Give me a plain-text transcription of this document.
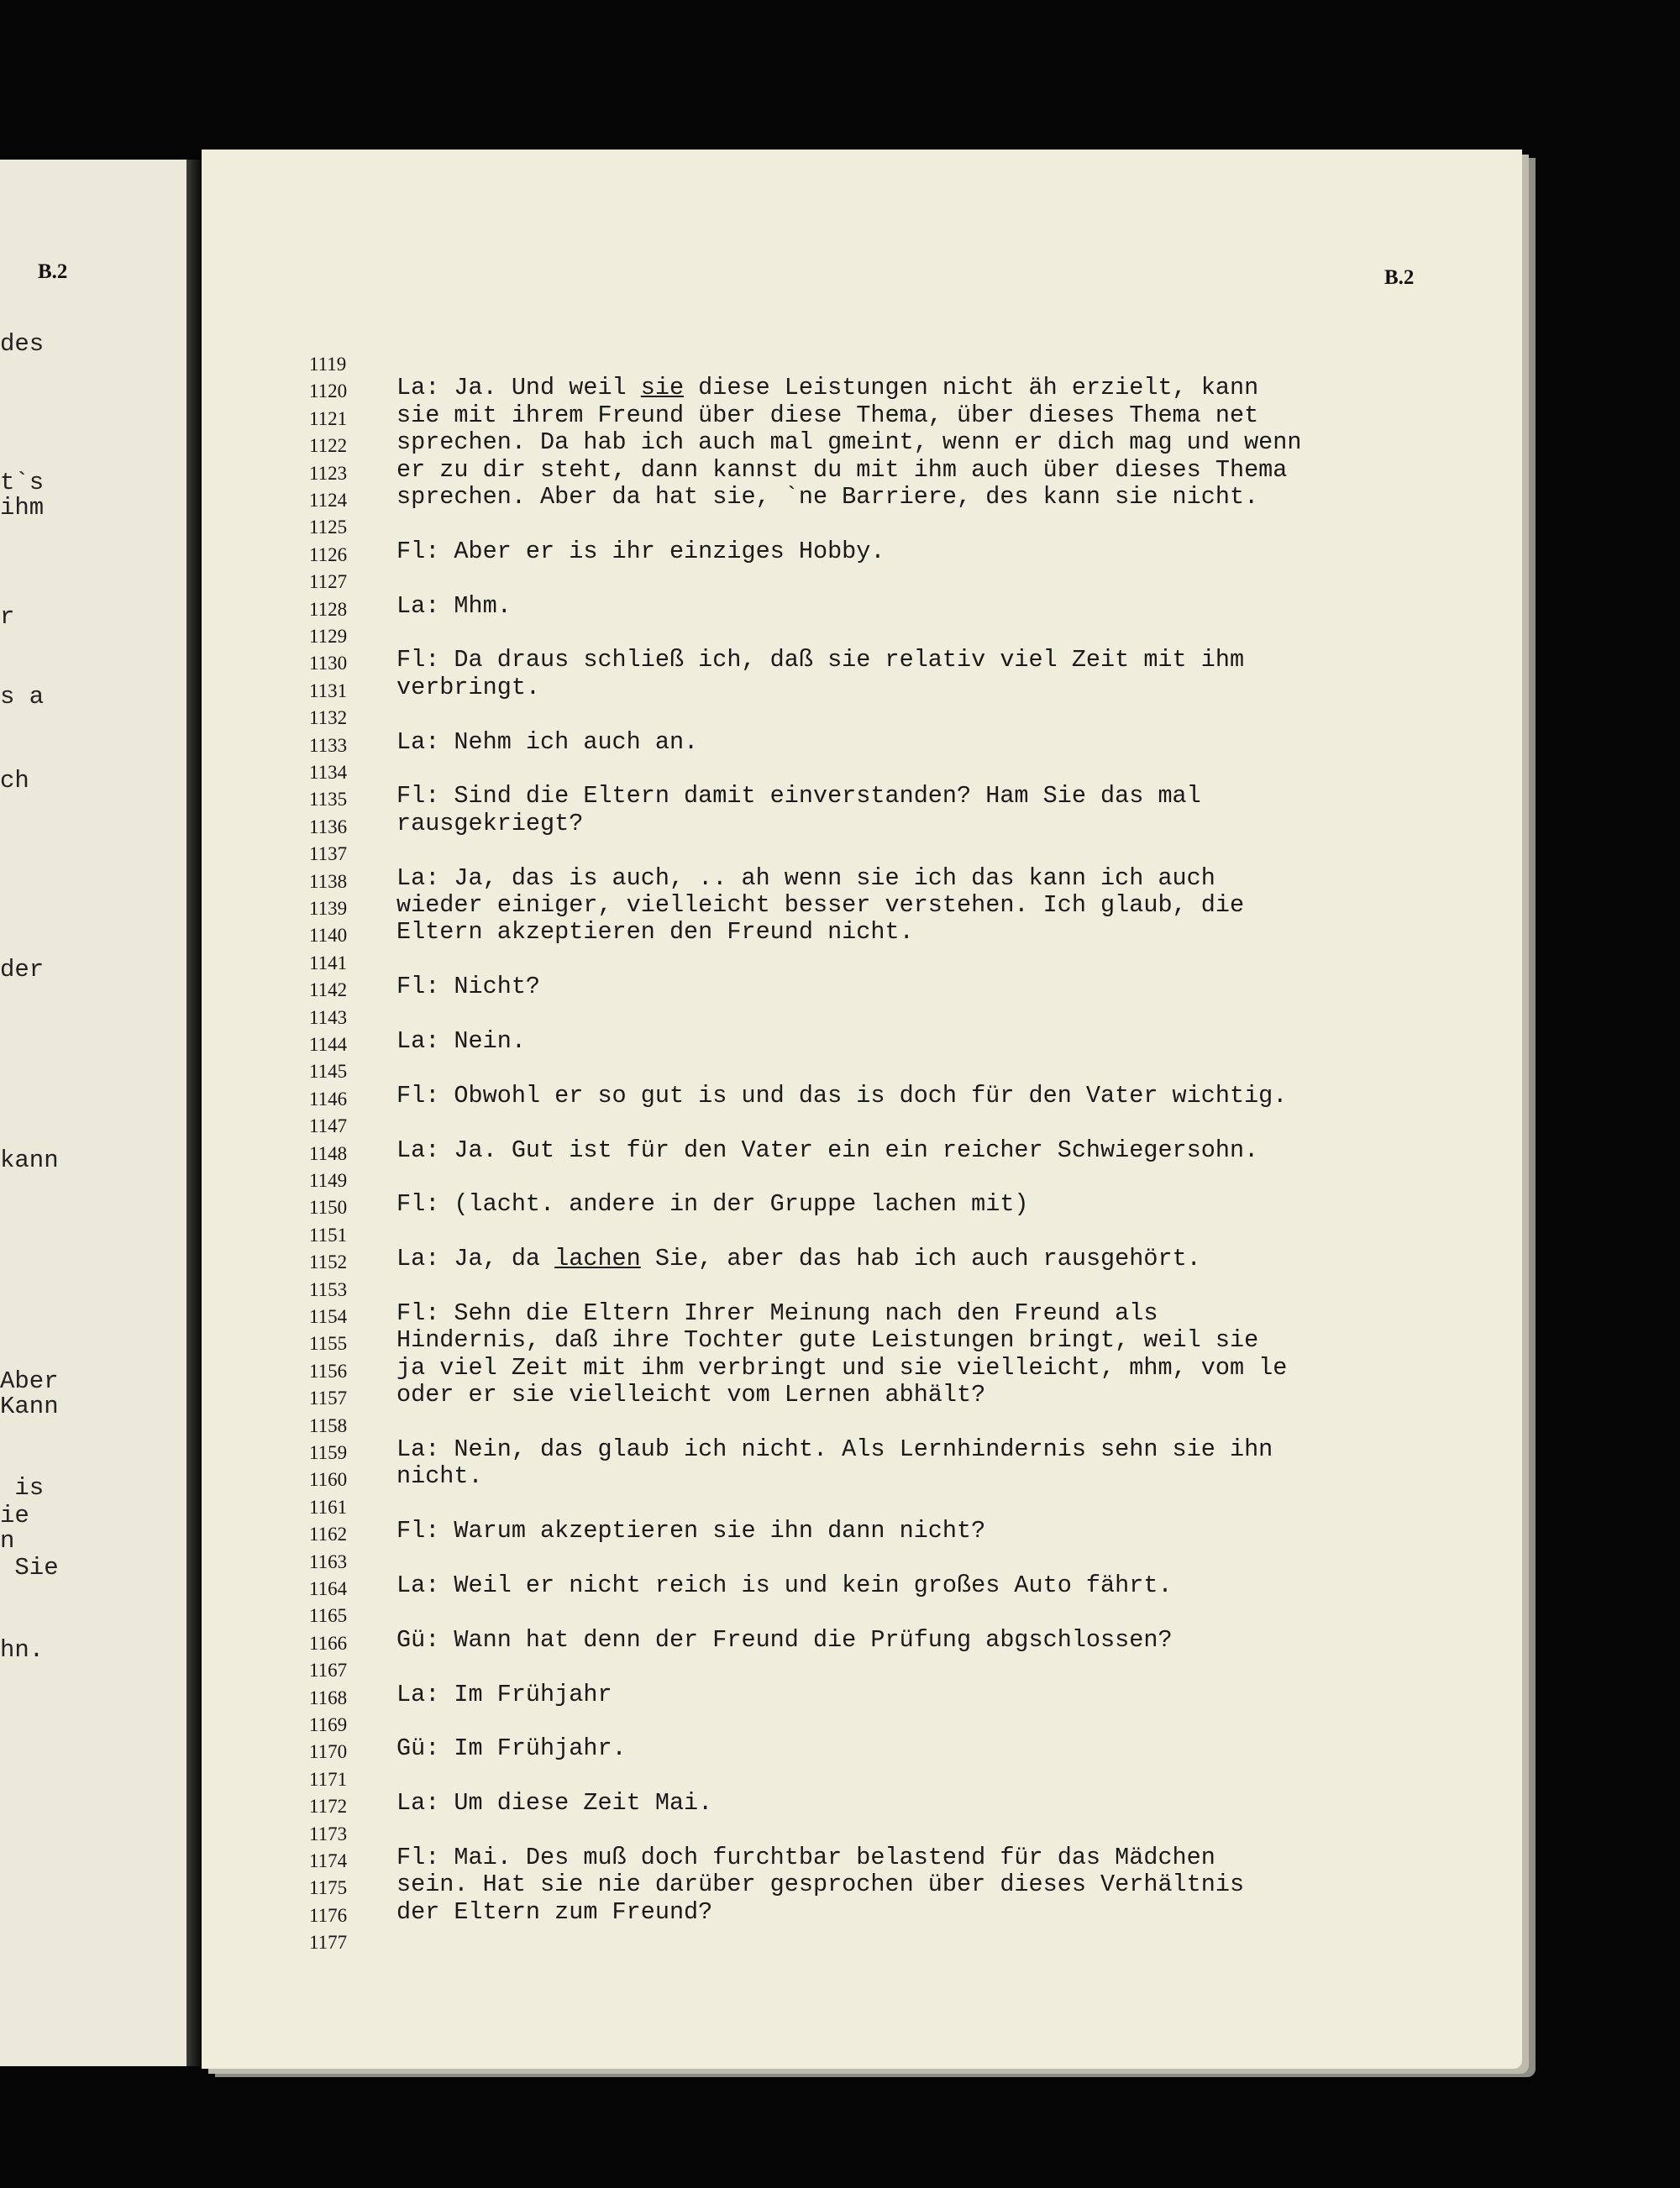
B.2
des
t`s
ihm
r
s a
ch
der
kann
Aber
Kann
is
ie
n
Sie
hn.
B.2
1119
1120	La: Ja. Und weil sie diese Leistungen nicht äh erzielt, kann
1121	sie mit ihrem Freund über diese Thema, über dieses Thema net
1122	sprechen. Da hab ich auch mal gmeint, wenn er dich mag und wenn
1123	er zu dir steht, dann kannst du mit ihm auch über dieses Thema
1124	sprechen. Aber da hat sie, `ne Barriere, des kann sie nicht.
1125
1126	Fl: Aber er is ihr einziges Hobby.
1127
1128	La: Mhm.
1129
1130	Fl: Da draus schließ ich, daß sie relativ viel Zeit mit ihm
1131	verbringt.
1132
1133	La: Nehm ich auch an.
1134
1135	Fl: Sind die Eltern damit einverstanden? Ham Sie das mal
1136	rausgekriegt?
1137
1138	La: Ja, das is auch, .. ah wenn sie ich das kann ich auch
1139	wieder einiger, vielleicht besser verstehen. Ich glaub, die
1140	Eltern akzeptieren den Freund nicht.
1141
1142	Fl: Nicht?
1143
1144	La: Nein.
1145
1146	Fl: Obwohl er so gut is und das is doch für den Vater wichtig.
1147
1148	La: Ja. Gut ist für den Vater ein ein reicher Schwiegersohn.
1149
1150	Fl: (lacht. andere in der Gruppe lachen mit)
1151
1152	La: Ja, da lachen Sie, aber das hab ich auch rausgehört.
1153
1154	Fl: Sehn die Eltern Ihrer Meinung nach den Freund als
1155	Hindernis, daß ihre Tochter gute Leistungen bringt, weil sie
1156	ja viel Zeit mit ihm verbringt und sie vielleicht, mhm, vom le
1157	oder er sie vielleicht vom Lernen abhält?
1158
1159	La: Nein, das glaub ich nicht. Als Lernhindernis sehn sie ihn
1160	nicht.
1161
1162	Fl: Warum akzeptieren sie ihn dann nicht?
1163
1164	La: Weil er nicht reich is und kein großes Auto fährt.
1165
1166	Gü: Wann hat denn der Freund die Prüfung abgschlossen?
1167
1168	La: Im Frühjahr
1169
1170	Gü: Im Frühjahr.
1171
1172	La: Um diese Zeit Mai.
1173
1174	Fl: Mai. Des muß doch furchtbar belastend für das Mädchen
1175	sein. Hat sie nie darüber gesprochen über dieses Verhältnis
1176	der Eltern zum Freund?
1177
